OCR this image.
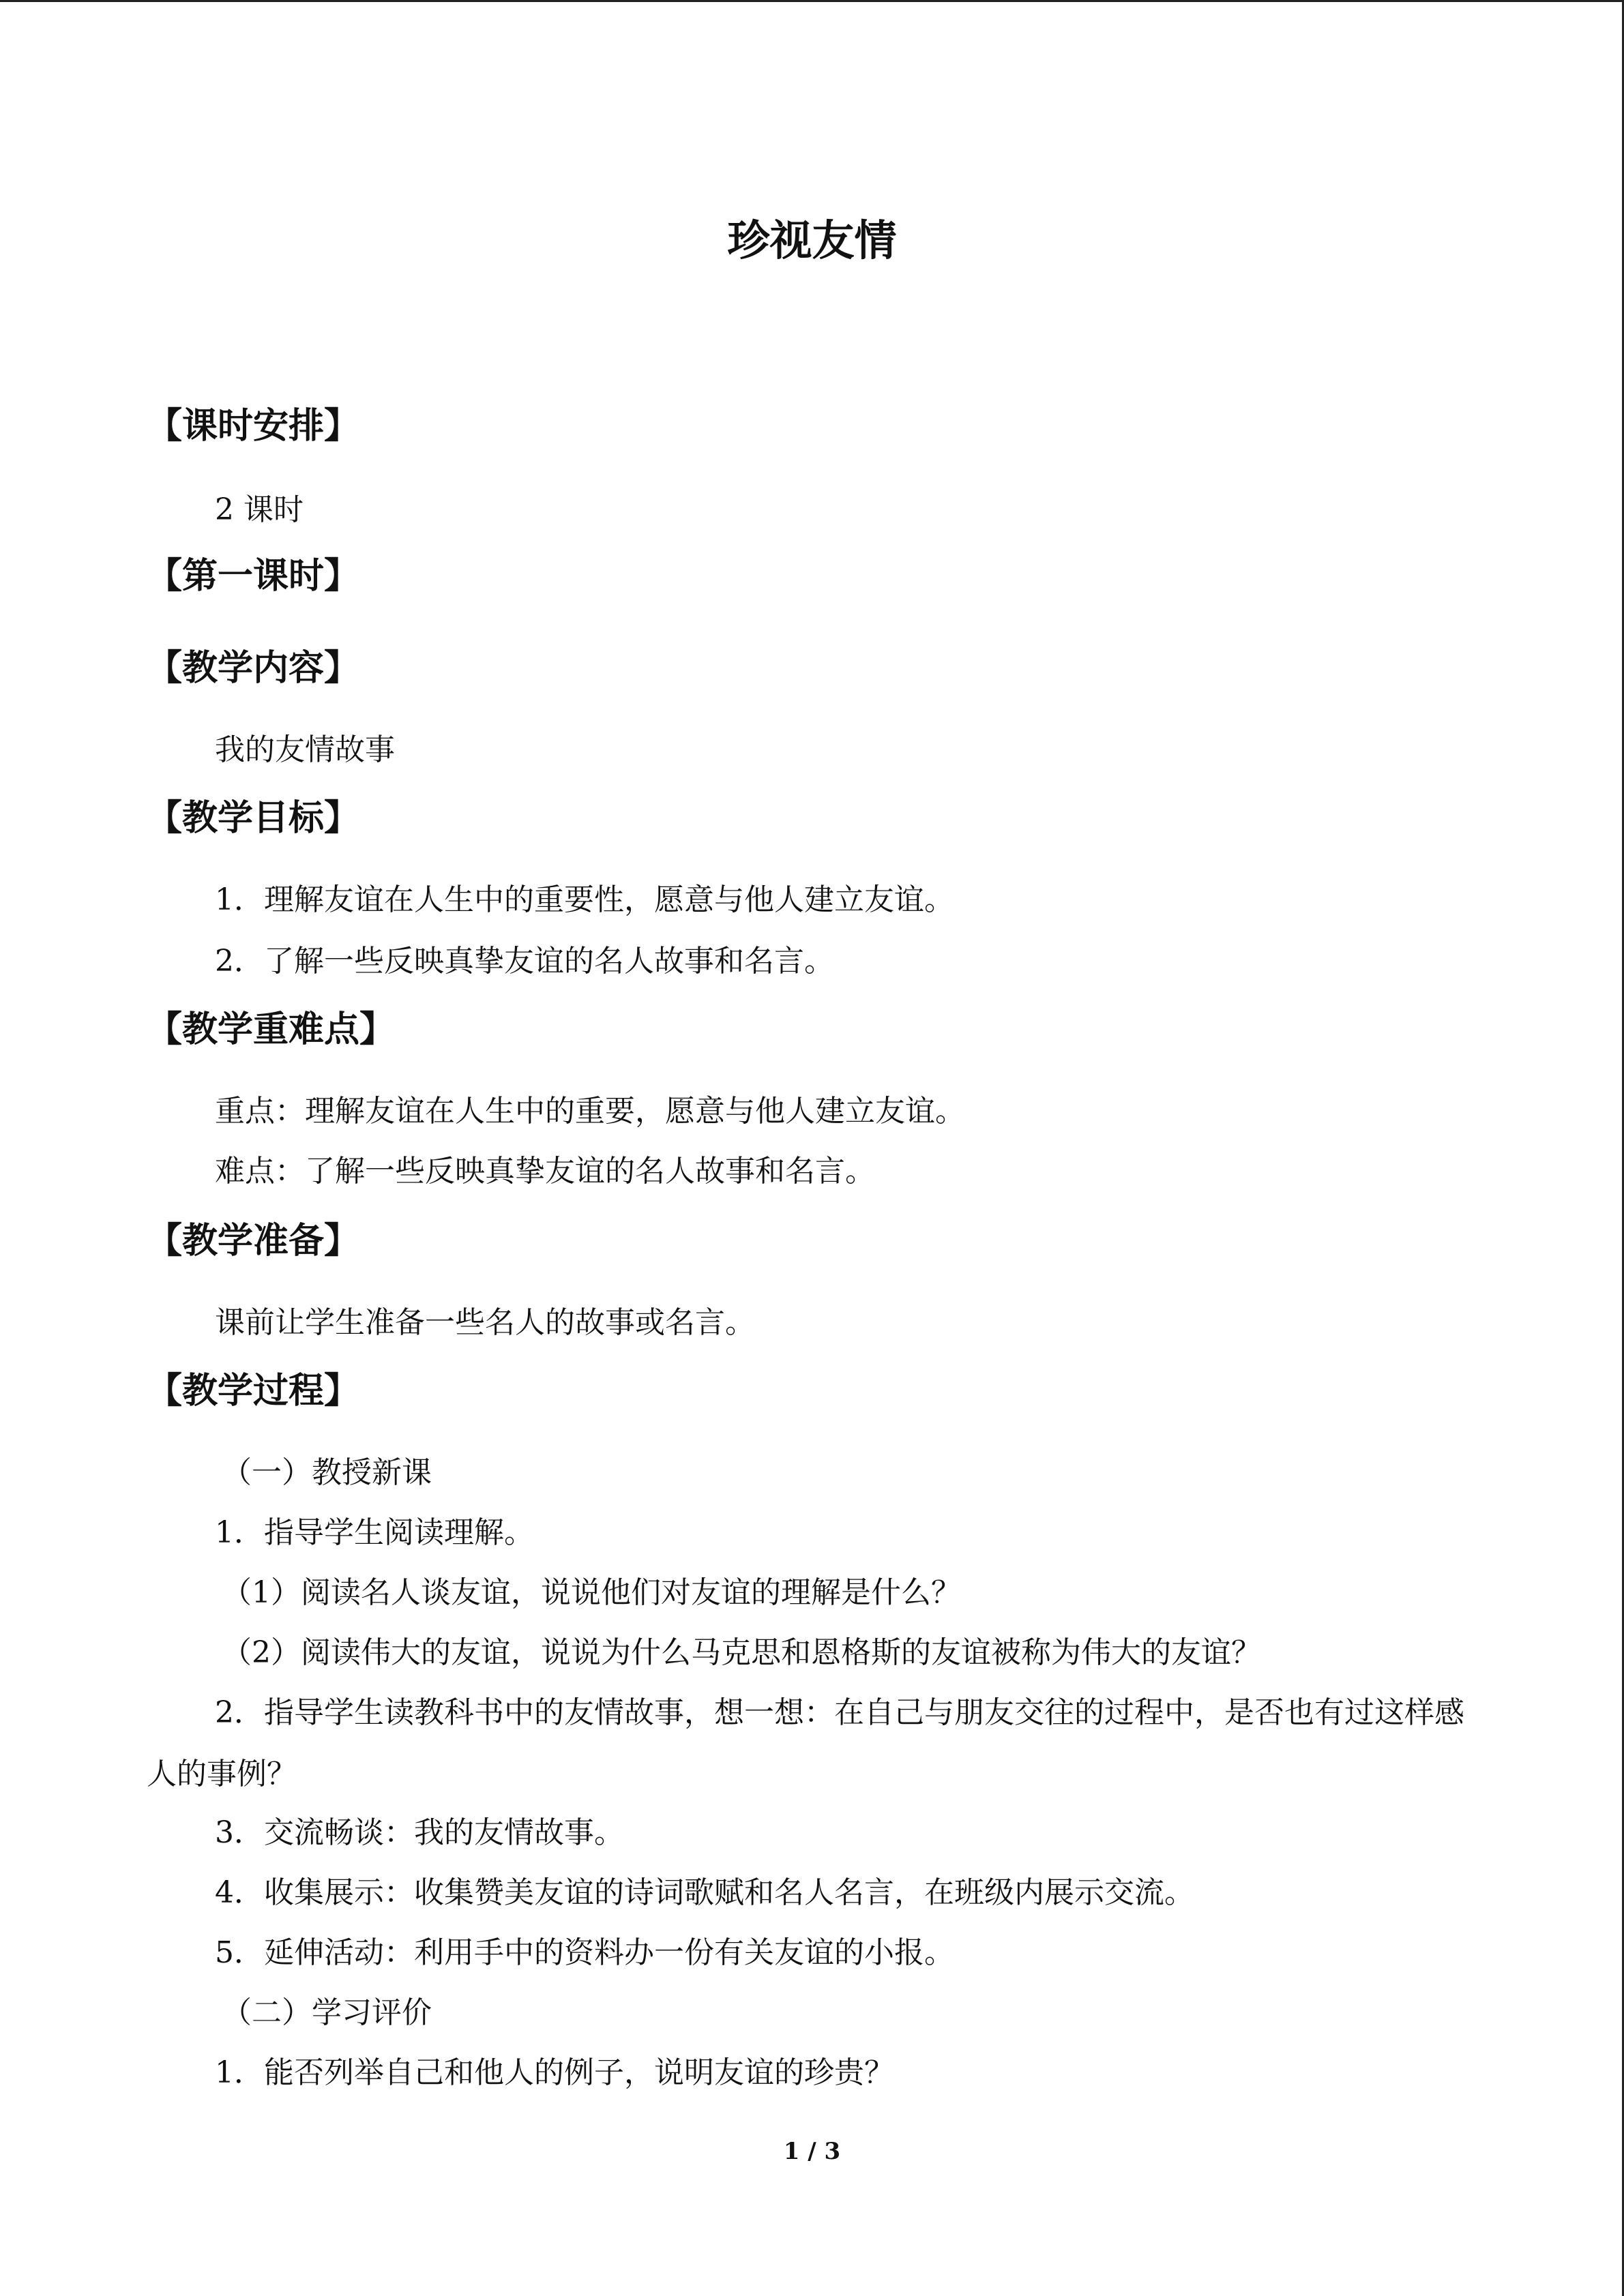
珍视友情
【课时安排】
2 课时
【第一课时】
【教学内容】
我的友情故事
【教学目标】
1．理解友谊在人生中的重要性，愿意与他人建立友谊。
2．了解一些反映真挚友谊的名人故事和名言。
【教学重难点】
重点：理解友谊在人生中的重要，愿意与他人建立友谊。
难点：了解一些反映真挚友谊的名人故事和名言。
【教学准备】
课前让学生准备一些名人的故事或名言。
【教学过程】
（一）教授新课
1．指导学生阅读理解。
（1）阅读名人谈友谊，说说他们对友谊的理解是什么？
（2）阅读伟大的友谊，说说为什么马克思和恩格斯的友谊被称为伟大的友谊？
2．指导学生读教科书中的友情故事，想一想：在自己与朋友交往的过程中，是否也有过这样感人的事例？
3．交流畅谈：我的友情故事。
4．收集展示：收集赞美友谊的诗词歌赋和名人名言，在班级内展示交流。
5．延伸活动：利用手中的资料办一份有关友谊的小报。
（二）学习评价
1．能否列举自己和他人的例子，说明友谊的珍贵？
1 / 3
